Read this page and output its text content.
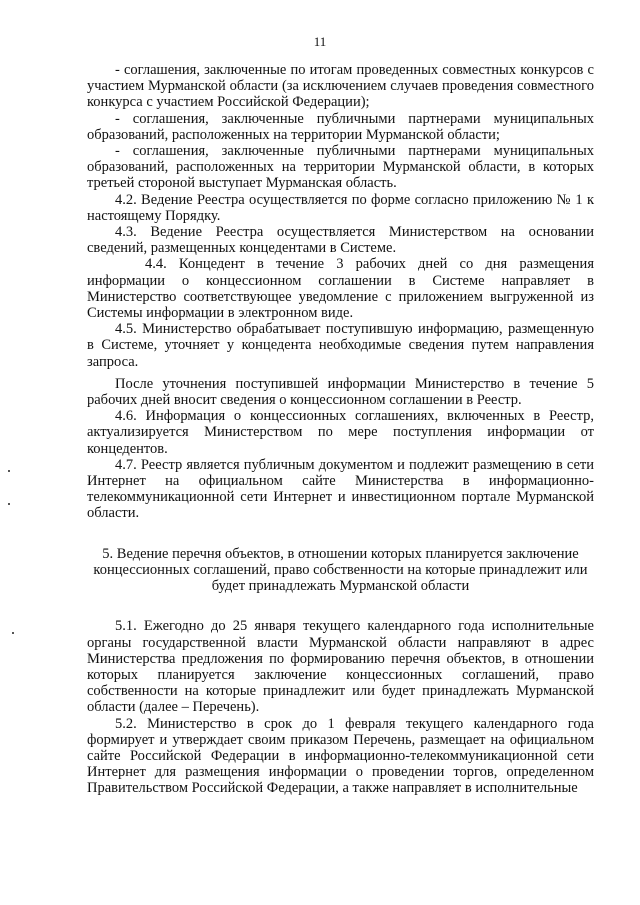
11

- соглашения, заключенные по итогам проведенных совместных конкурсов с участием Мурманской области (за исключением случаев проведения совместного конкурса с участием Российской Федерации);

- соглашения, заключенные публичными партнерами муниципальных образований, расположенных на территории Мурманской области;

- соглашения, заключенные публичными партнерами муниципальных образований, расположенных на территории Мурманской области, в которых третьей стороной выступает Мурманская область.

4.2. Ведение Реестра осуществляется по форме согласно приложению № 1 к настоящему Порядку.

4.3. Ведение Реестра осуществляется Министерством на основании сведений, размещенных концедентами в Системе.

4.4. Концедент в течение 3 рабочих дней со дня размещения информации о концессионном соглашении в Системе направляет в Министерство соответствующее уведомление с приложением выгруженной из Системы информации в электронном виде.

4.5. Министерство обрабатывает поступившую информацию, размещенную в Системе, уточняет у концедента необходимые сведения путем направления запроса.

После уточнения поступившей информации Министерство в течение 5 рабочих дней вносит сведения о концессионном соглашении в Реестр.

4.6. Информация о концессионных соглашениях, включенных в Реестр, актуализируется Министерством по мере поступления информации от концедентов.

4.7. Реестр является публичным документом и подлежит размещению в сети Интернет на официальном сайте Министерства в информационно-телекоммуникационной сети Интернет и инвестиционном портале Мурманской области.

5. Ведение перечня объектов, в отношении которых планируется заключение концессионных соглашений, право собственности на которые принадлежит или будет принадлежать Мурманской области

5.1. Ежегодно до 25 января текущего календарного года исполнительные органы государственной власти Мурманской области направляют в адрес Министерства предложения по формированию перечня объектов, в отношении которых планируется заключение концессионных соглашений, право собственности на которые принадлежит или будет принадлежать Мурманской области (далее – Перечень).

5.2. Министерство в срок до 1 февраля текущего календарного года формирует и утверждает своим приказом Перечень, размещает на официальном сайте Российской Федерации в информационно-телекоммуникационной сети Интернет для размещения информации о проведении торгов, определенном Правительством Российской Федерации, а также направляет в исполнительные
